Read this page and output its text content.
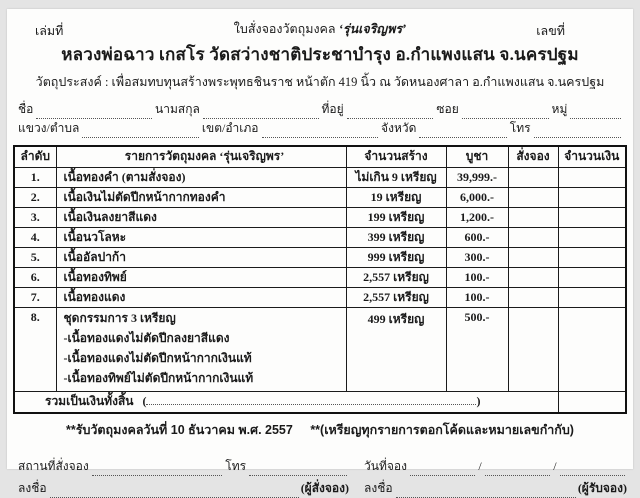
เล่มที่	ใบสั่งจองวัตถุมงคล ‘รุ่นเจริญพร’	เลขที่
หลวงพ่อฉาว เกสโร วัดสว่างชาติประชาบำรุง อ.กำแพงแสน จ.นครปฐม
วัตถุประสงค์ : เพื่อสมทบทุนสร้างพระพุทธชินราช หน้าตัก 419 นิ้ว ณ วัดหนองศาลา อ.กำแพงแสน จ.นครปฐม
ชื่อ	นามสกุล	ที่อยู่	ซอย	หมู่
แขวง/ตำบล	เขต/อำเภอ	จังหวัด	โทร
ลำดับ	รายการวัตถุมงคล ‘รุ่นเจริญพร’	จำนวนสร้าง	บูชา	สั่งจอง	จำนวนเงิน
1.	เนื้อทองคำ (ตามสั่งจอง)	ไม่เกิน 9 เหรียญ	39,999.-		
2.	เนื้อเงินไม่ตัดปีกหน้ากากทองคำ	19 เหรียญ	6,000.-		
3.	เนื้อเงินลงยาสีแดง	199 เหรียญ	1,200.-		
4.	เนื้อนวโลหะ	399 เหรียญ	600.-		
5.	เนื้ออัลปาก้า	999 เหรียญ	300.-		
6.	เนื้อทองทิพย์	2,557 เหรียญ	100.-		
7.	เนื้อทองแดง	2,557 เหรียญ	100.-		
8.	ชุดกรรมการ 3 เหรียญ
-เนื้อทองแดงไม่ตัดปีกลงยาสีแดง
-เนื้อทองแดงไม่ตัดปีกหน้ากากเงินแท้
-เนื้อทองทิพย์ไม่ตัดปีกหน้ากากเงินแท้	499 เหรียญ	500.-		
รวมเป็นเงินทั้งสิ้น ( )					
**รับวัตถุมงคลวันที่ 10 ธันวาคม พ.ศ. 2557 **(เหรียญทุกรายการตอกโค้ดและหมายเลขกำกับ)
สถานที่สั่งจอง	โทร	วันที่จอง	/	/
ลงชื่อ	(ผู้สั่งจอง) ลงชื่อ	(ผู้รับจอง)
